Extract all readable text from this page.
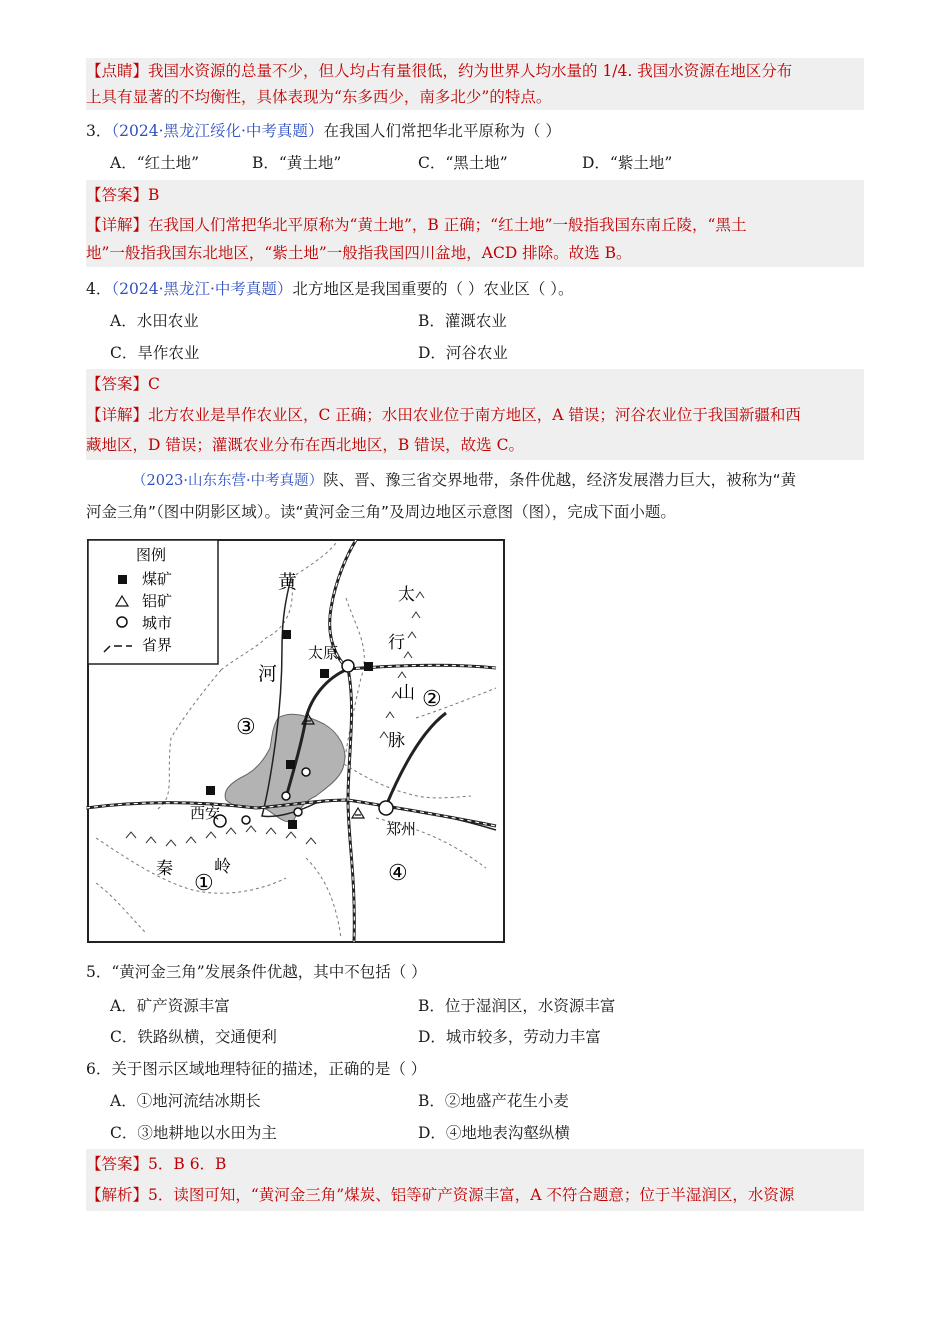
【点睛】我国水资源的总量不少，但人均占有量很低，约为世界人均水量的 1/4. 我国水资源在地区分布
上具有显著的不均衡性，具体表现为“东多西少，南多北少”的特点。
3．（2024·黑龙江绥化·中考真题）在我国人们常把华北平原称为（ ）
A．“红土地”	B．“黄土地”	C．“黑土地”	D．“紫土地”
【答案】B
【详解】在我国人们常把华北平原称为“黄土地”，B 正确；“红土地”一般指我国东南丘陵，“黑土
地”一般指我国东北地区，“紫土地”一般指我国四川盆地，ACD 排除。故选 B。
4．（2024·黑龙江·中考真题）北方地区是我国重要的（ ）农业区（ ）。
A．水田农业	B．灌溉农业
C．旱作农业	D．河谷农业
【答案】C
【详解】北方农业是旱作农业区，C 正确；水田农业位于南方地区，A 错误；河谷农业位于我国新疆和西
藏地区，D 错误；灌溉农业分布在西北地区，B 错误，故选 C。
（2023·山东东营·中考真题）陕、晋、豫三省交界地带，条件优越，经济发展潜力巨大，被称为“黄
河金三角”（图中阴影区域）。读“黄河金三角”及周边地区示意图（图），完成下面小题。
图例
煤矿
铝矿
城市
省界
黄
河
太
行
山
脉
秦 岭
太原
西安
郑州
①
②
③
④
5．“黄河金三角”发展条件优越，其中不包括（ ）
A．矿产资源丰富	B．位于湿润区，水资源丰富
C．铁路纵横，交通便利	D．城市较多，劳动力丰富
6．关于图示区域地理特征的描述，正确的是（ ）
A．①地河流结冰期长	B．②地盛产花生小麦
C．③地耕地以水田为主	D．④地地表沟壑纵横
【答案】5．B 6．B
【解析】5．读图可知，“黄河金三角”煤炭、铝等矿产资源丰富，A 不符合题意；位于半湿润区，水资源
